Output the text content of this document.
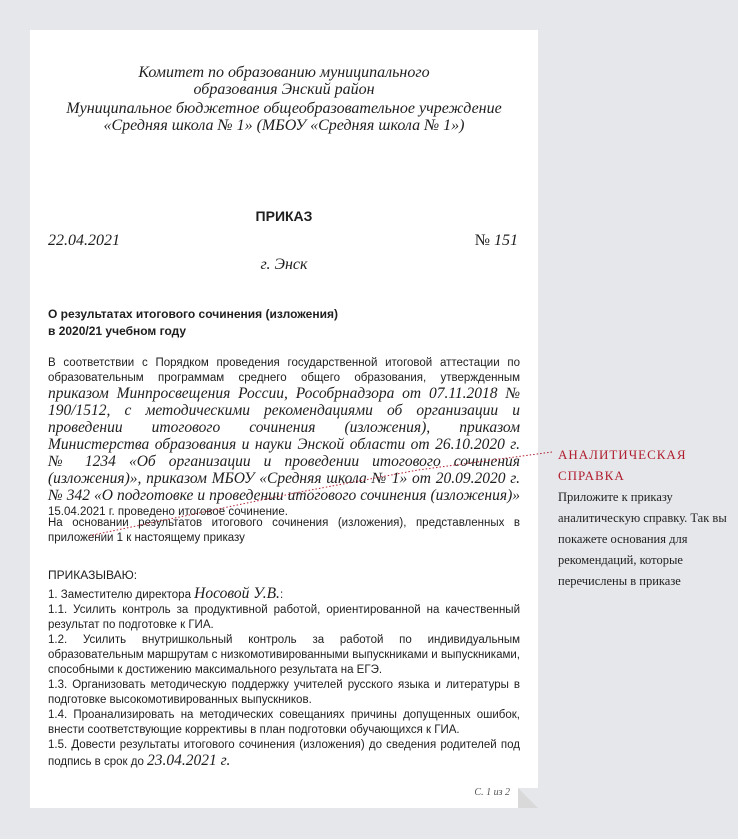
Комитет по образованию муниципального образования Энский район
Муниципальное бюджетное общеобразовательное учреждение «Средняя школа № 1» (МБОУ «Средняя школа № 1»)
ПРИКАЗ
22.04.2021	№ 151
г. Энск
О результатах итогового сочинения (изложения) в 2020/21 учебном году
В соответствии с Порядком проведения государственной итоговой аттестации по образовательным программам среднего общего образования, утвержденным приказом Минпросвещения России, Рособрнадзора от 07.11.2018 № 190/1512, с методическими рекомендациями об организации и проведении итогового сочинения (изложения), приказом Министерства образования и науки Энской области от 26.10.2020 г. № 1234 «Об организации и проведении итогового сочинения (изложения)», приказом МБОУ «Средняя школа № 1» от 20.09.2020 г. № 342 «О подготовке и проведении итогового сочинения (изложения)» 15.04.2021 г. проведено итоговое сочинение.
На основании результатов итогового сочинения (изложения), представленных в приложении 1 к настоящему приказу
ПРИКАЗЫВАЮ:
1. Заместителю директора Носовой У.В.:
1.1. Усилить контроль за продуктивной работой, ориентированной на качественный результат по подготовке к ГИА.
1.2. Усилить внутришкольный контроль за работой по индивидуальным образовательным маршрутам с низкомотивированными выпускниками и выпускниками, способными к достижению максимального результата на ЕГЭ.
1.3. Организовать методическую поддержку учителей русского языка и литературы в подготовке высокомотивированных выпускников.
1.4. Проанализировать на методических совещаниях причины допущенных ошибок, внести соответствующие коррективы в план подготовки обучающихся к ГИА.
1.5. Довести результаты итогового сочинения (изложения) до сведения родителей под подпись в срок до 23.04.2021 г.
С. 1 из 2
АНАЛИТИЧЕСКАЯ СПРАВКА
Приложите к приказу аналитическую справку. Так вы покажете основания для рекомендаций, которые перечислены в приказе
